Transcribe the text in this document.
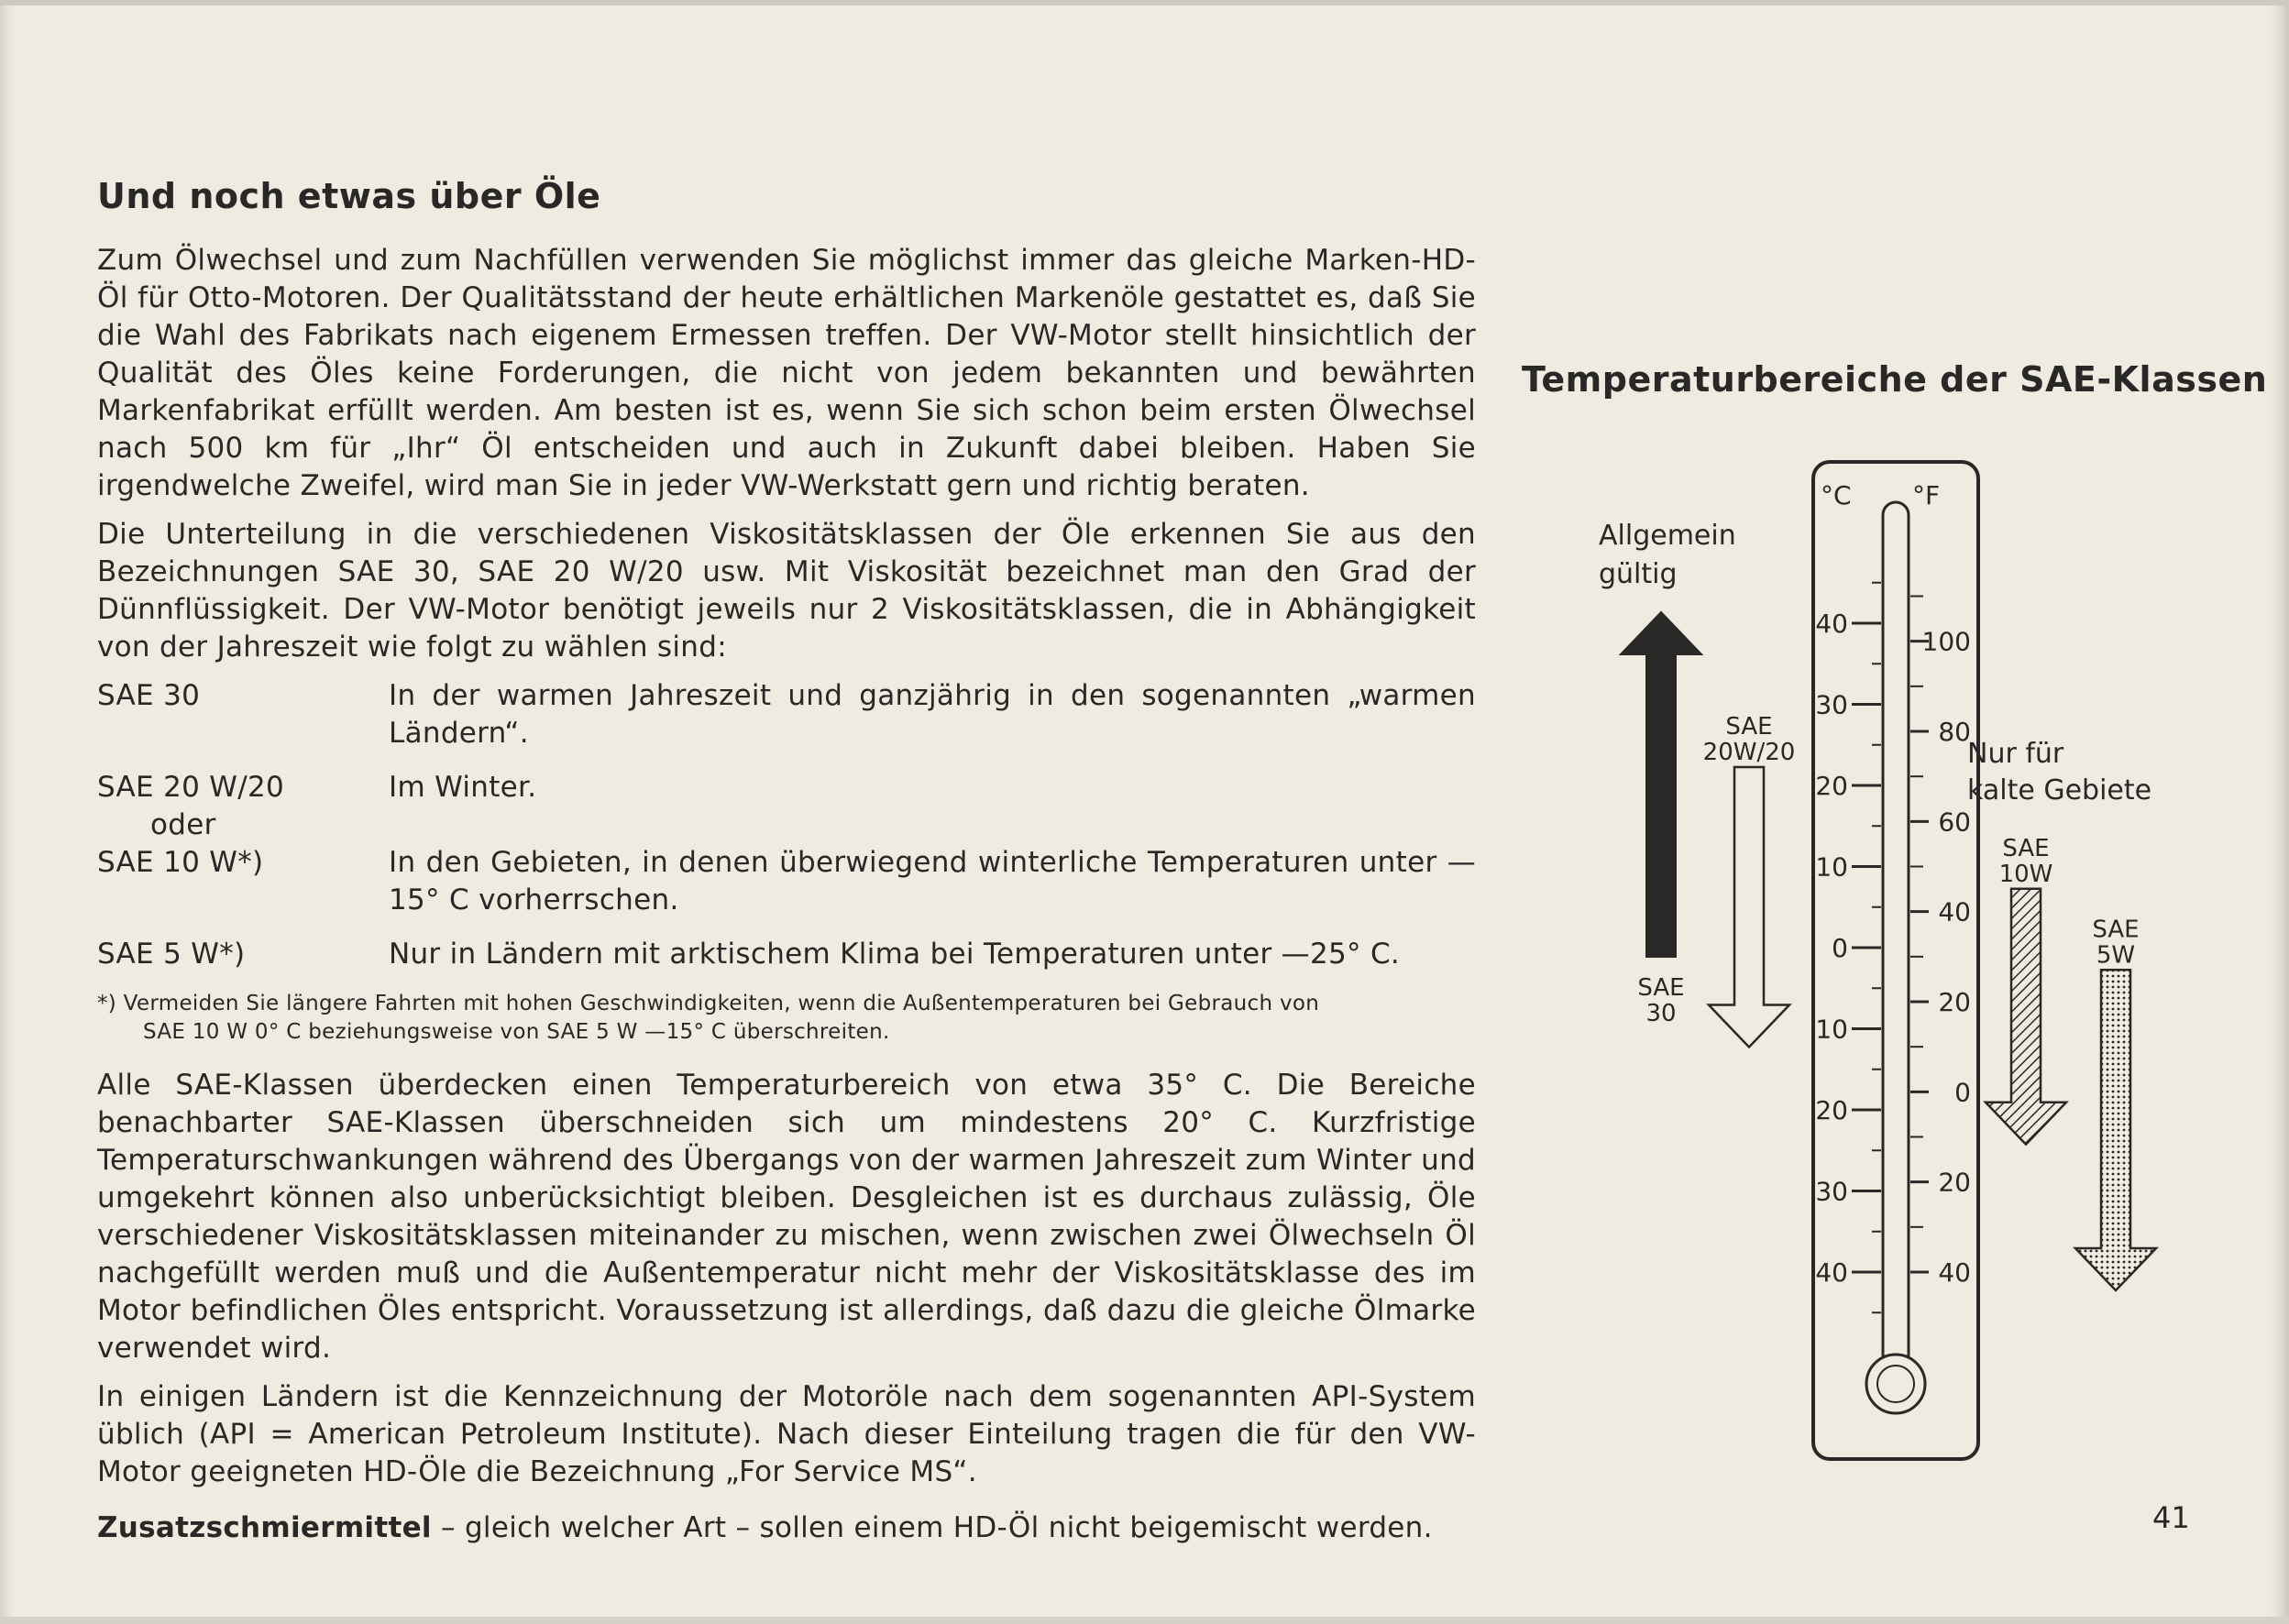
Und noch etwas über Öle

Zum Ölwechsel und zum Nachfüllen verwenden Sie möglichst immer das gleiche Marken-HD-Öl für Otto-Motoren. Der Qualitätsstand der heute erhältlichen Markenöle gestattet es, daß Sie die Wahl des Fabrikats nach eigenem Ermessen treffen. Der VW-Motor stellt hinsichtlich der Qualität des Öles keine Forderungen, die nicht von jedem bekannten und bewährten Markenfabrikat erfüllt werden. Am besten ist es, wenn Sie sich schon beim ersten Ölwechsel nach 500 km für „Ihr“ Öl entscheiden und auch in Zukunft dabei bleiben. Haben Sie irgendwelche Zweifel, wird man Sie in jeder VW-Werkstatt gern und richtig beraten.

Die Unterteilung in die verschiedenen Viskositätsklassen der Öle erkennen Sie aus den Bezeichnungen SAE 30, SAE 20 W/20 usw. Mit Viskosität bezeichnet man den Grad der Dünnflüssigkeit. Der VW-Motor benötigt jeweils nur 2 Viskositätsklassen, die in Abhängigkeit von der Jahreszeit wie folgt zu wählen sind:

SAE 30	In der warmen Jahreszeit und ganzjährig in den sogenannten „warmen Ländern“.
SAE 20 W/20	Im Winter.
oder
SAE 10 W*)	In den Gebieten, in denen überwiegend winterliche Temperaturen unter —15° C vorherrschen.
SAE 5 W*)	Nur in Ländern mit arktischem Klima bei Temperaturen unter —25° C.
*) Vermeiden Sie längere Fahrten mit hohen Geschwindigkeiten, wenn die Außentemperaturen bei Gebrauch von
SAE 10 W 0° C beziehungsweise von SAE 5 W —15° C überschreiten.

Alle SAE-Klassen überdecken einen Temperaturbereich von etwa 35° C. Die Bereiche benachbarter SAE-Klassen überschneiden sich um mindestens 20° C. Kurzfristige Temperaturschwankungen während des Übergangs von der warmen Jahreszeit zum Winter und umgekehrt können also unberücksichtigt bleiben. Desgleichen ist es durchaus zulässig, Öle verschiedener Viskositätsklassen miteinander zu mischen, wenn zwischen zwei Ölwechseln Öl nachgefüllt werden muß und die Außentemperatur nicht mehr der Viskositätsklasse des im Motor befindlichen Öles entspricht. Voraussetzung ist allerdings, daß dazu die gleiche Ölmarke verwendet wird.

In einigen Ländern ist die Kennzeichnung der Motoröle nach dem sogenannten API-System üblich (API = American Petroleum Institute). Nach dieser Einteilung tragen die für den VW-Motor geeigneten HD-Öle die Bezeichnung „For Service MS“.

Zusatzschmiermittel – gleich welcher Art – sollen einem HD-Öl nicht beigemischt werden.

Temperaturbereiche der SAE-Klassen
°C °F
40
30
20
10
0
10
20
30
40
100
80
60
40
20
0
20
40
Allgemein
gültig
Nur für
kalte Gebiete
SAE
30
SAE
20W/20
SAE
10W
SAE
5W
41
